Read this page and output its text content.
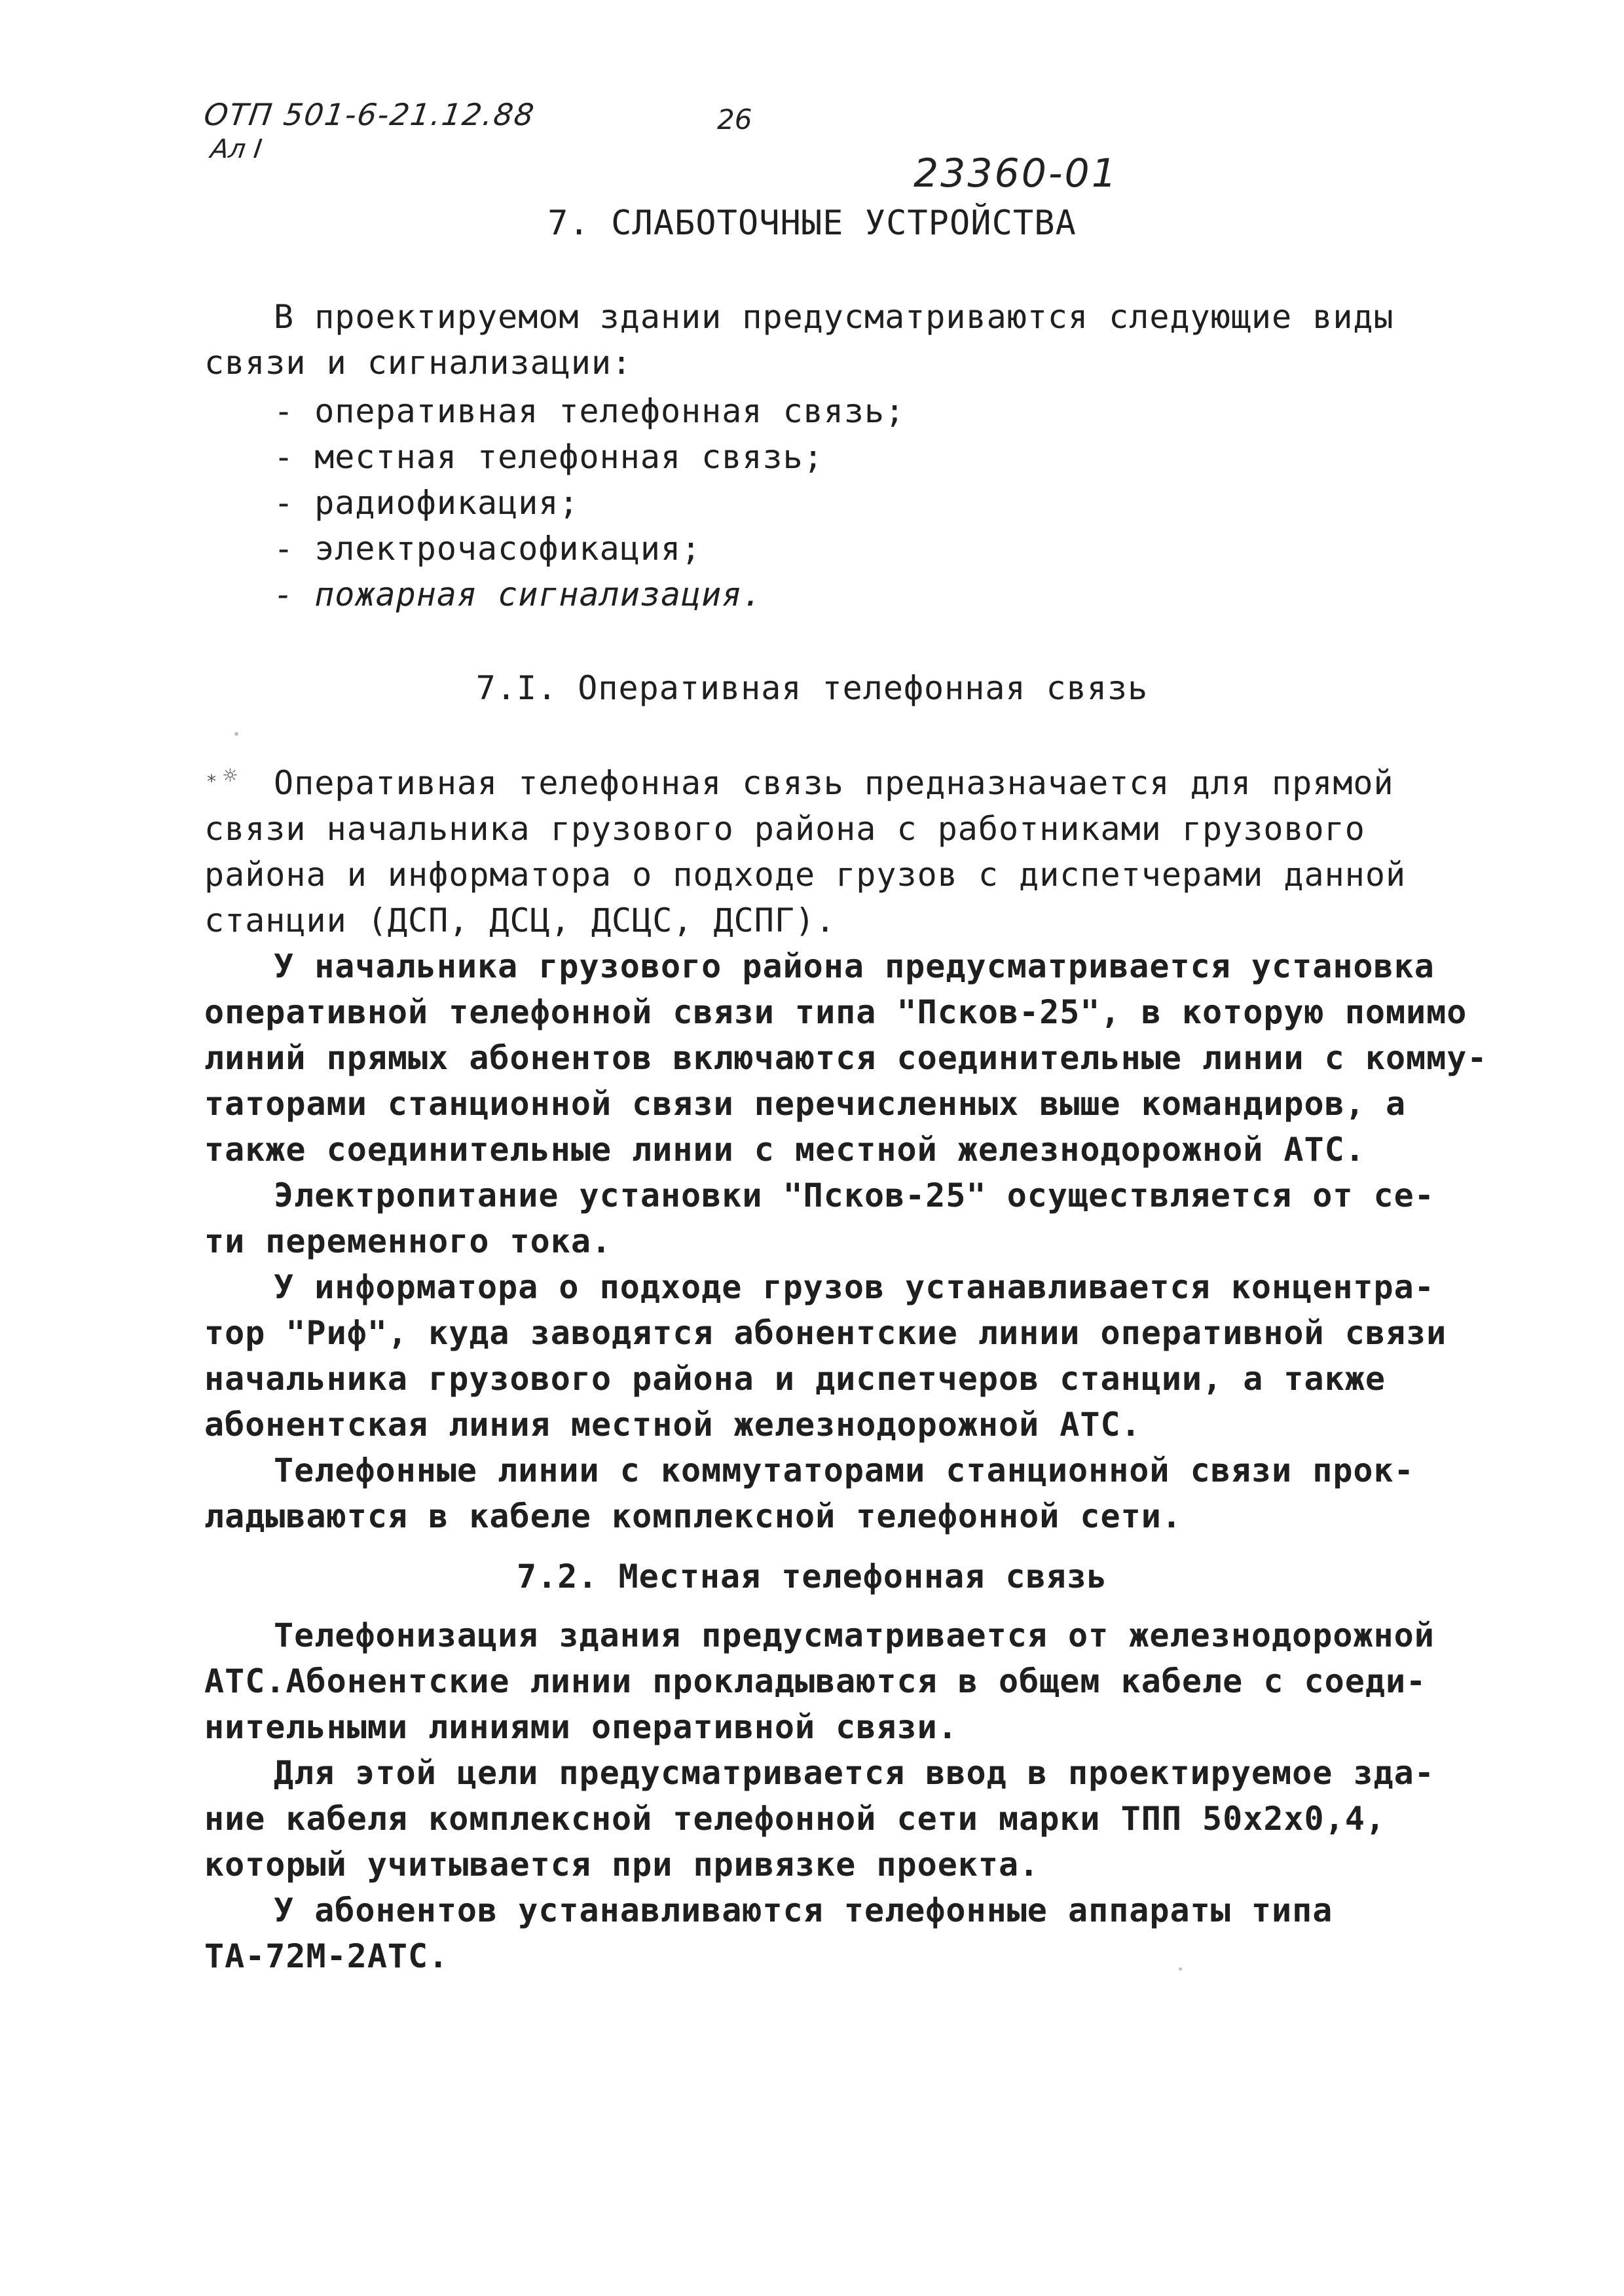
ОТП 501-6-21.12.88
Ал I
26
23360-01
7. СЛАБОТОЧНЫЕ УСТРОЙСТВА
В проектируемом здании предусматриваются следующие виды
связи и сигнализации:
- оперативная телефонная связь;
- местная телефонная связь;
- радиофикация;
- электрочасофикация;
- пожарная сигнализация.
7.I. Оперативная телефонная связь
⁎ ☼ Оперативная телефонная связь предназначается для прямой
связи начальника грузового района с работниками грузового
района и информатора о подходе грузов с диспетчерами данной
станции (ДСП, ДСЦ, ДСЦС, ДСПГ).
У начальника грузового района предусматривается установка
оперативной телефонной связи типа "Псков-25", в которую помимо
линий прямых абонентов включаются соединительные линии с комму-
таторами станционной связи перечисленных выше командиров, а
также соединительные линии с местной железнодорожной АТС.
Электропитание установки "Псков-25" осуществляется от се-
ти переменного тока.
У информатора о подходе грузов устанавливается концентра-
тор "Риф", куда заводятся абонентские линии оперативной связи
начальника грузового района и диспетчеров станции, а также
абонентская линия местной железнодорожной АТС.
Телефонные линии с коммутаторами станционной связи прок-
ладываются в кабеле комплексной телефонной сети.
7.2. Местная телефонная связь
Телефонизация здания предусматривается от железнодорожной
АТС.Абонентские линии прокладываются в общем кабеле с соеди-
нительными линиями оперативной связи.
Для этой цели предусматривается ввод в проектируемое зда-
ние кабеля комплексной телефонной сети марки ТПП 50х2х0,4,
который учитывается при привязке проекта.
У абонентов устанавливаются телефонные аппараты типа
ТА-72М-2АТС.
